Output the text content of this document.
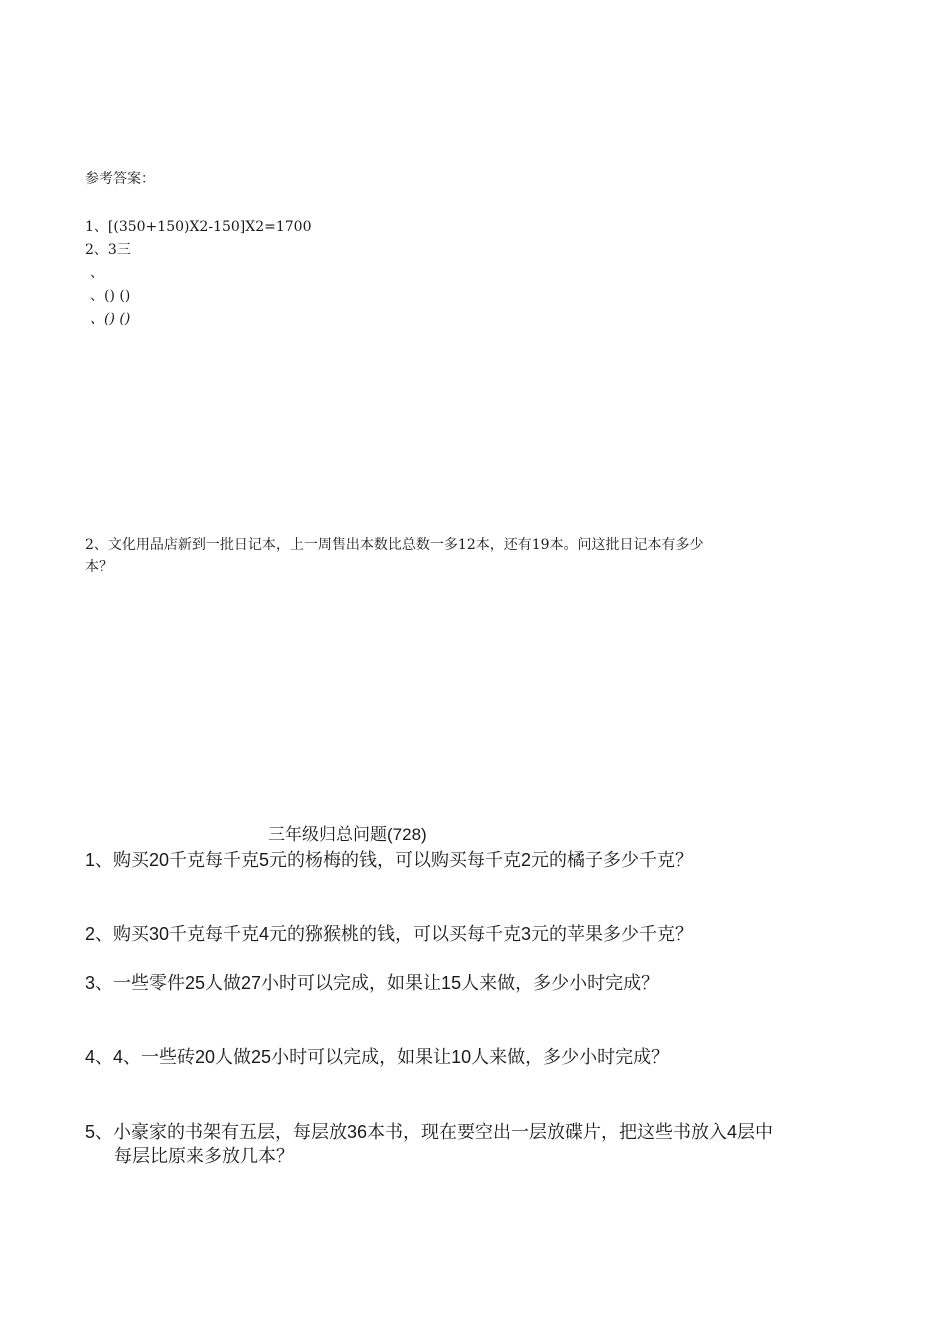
参考答案：
1、[(350+150)X2-150]X2=1700
2、3三
、
、() ()
、() ()
2、文化用品店新到一批日记本，上一周售出本数比总数一多12本，还有19本。问这批日记本有多少
本？
三年级归总问题(728)
1、购买20千克每千克5元的杨梅的钱，可以购买每千克2元的橘子多少千克？
2、购买30千克每千克4元的猕猴桃的钱，可以买每千克3元的苹果多少千克？
3、一些零件25人做27小时可以完成，如果让15人来做，多少小时完成？
4、4、一些砖20人做25小时可以完成，如果让10人来做，多少小时完成？
5、小豪家的书架有五层，每层放36本书，现在要空出一层放碟片，把这些书放入4层中
每层比原来多放几本？
